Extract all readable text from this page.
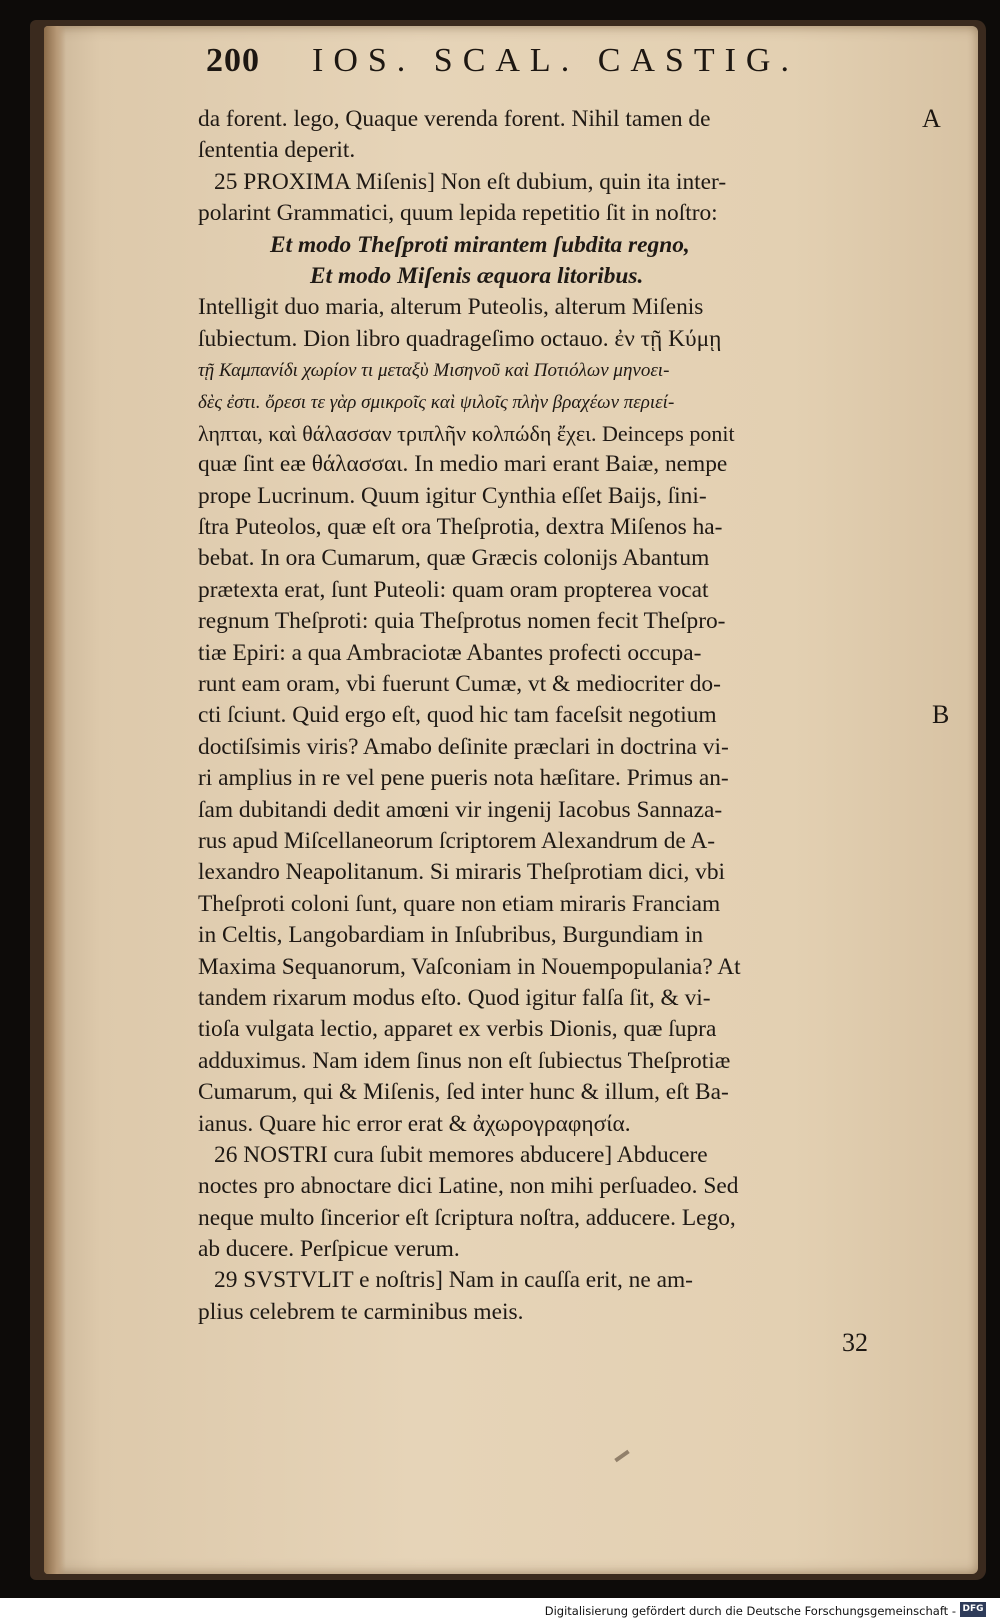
200 IOS. SCAL. CASTIG.
A
B
da forent. lego, Quaque verenda forent. Nihil tamen de
ſententia deperit.
25 PROXIMA Miſenis] Non eſt dubium, quin ita inter-
polarint Grammatici, quum lepida repetitio ſit in noſtro:
Et modo Theſproti mirantem ſubdita regno,
Et modo Miſenis æquora litoribus.
Intelligit duo maria, alterum Puteolis, alterum Miſenis
ſubiectum. Dion libro quadrageſimo octauo. ἐν τῇ Κύμῃ
τῇ Καμπανίδι χωρίον τι μεταξὺ Μισηνοῦ καὶ Ποτιόλων μηνοει-
δὲς ἐστι. ὄρεσι τε γὰρ σμικροῖς καὶ ψιλοῖς πλὴν βραχέων περιεί-
ληπται, καὶ θάλασσαν τριπλῆν κολπώδη ἔχει. Deinceps ponit
quæ ſint eæ θάλασσαι. In medio mari erant Baiæ, nempe
prope Lucrinum. Quum igitur Cynthia eſſet Baijs, ſini-
ſtra Puteolos, quæ eſt ora Theſprotia, dextra Miſenos ha-
bebat. In ora Cumarum, quæ Græcis colonijs Abantum
prætexta erat, ſunt Puteoli: quam oram propterea vocat
regnum Theſproti: quia Theſprotus nomen fecit Theſpro-
tiæ Epiri: a qua Ambraciotæ Abantes profecti occupa-
runt eam oram, vbi fuerunt Cumæ, vt & mediocriter do-
cti ſciunt. Quid ergo eſt, quod hic tam faceſsit negotium
doctiſsimis viris? Amabo deſinite præclari in doctrina vi-
ri amplius in re vel pene pueris nota hæſitare. Primus an-
ſam dubitandi dedit amœni vir ingenij Iacobus Sannaza-
rus apud Miſcellaneorum ſcriptorem Alexandrum de A-
lexandro Neapolitanum. Si miraris Theſprotiam dici, vbi
Theſproti coloni ſunt, quare non etiam miraris Franciam
in Celtis, Langobardiam in Inſubribus, Burgundiam in
Maxima Sequanorum, Vaſconiam in Nouempopulania? At
tandem rixarum modus eſto. Quod igitur falſa ſit, & vi-
tioſa vulgata lectio, apparet ex verbis Dionis, quæ ſupra
adduximus. Nam idem ſinus non eſt ſubiectus Theſprotiæ
Cumarum, qui & Miſenis, ſed inter hunc & illum, eſt Ba-
ianus. Quare hic error erat & ἀχωρογραφησία.
26 NOSTRI cura ſubit memores abducere] Abducere
noctes pro abnoctare dici Latine, non mihi perſuadeo. Sed
neque multo ſincerior eſt ſcriptura noſtra, adducere. Lego,
ab ducere. Perſpicue verum.
29 SVSTVLIT e noſtris] Nam in cauſſa erit, ne am-
plius celebrem te carminibus meis.
32
Digitalisierung gefördert durch die Deutsche Forschungsgemeinschaft - DFG
